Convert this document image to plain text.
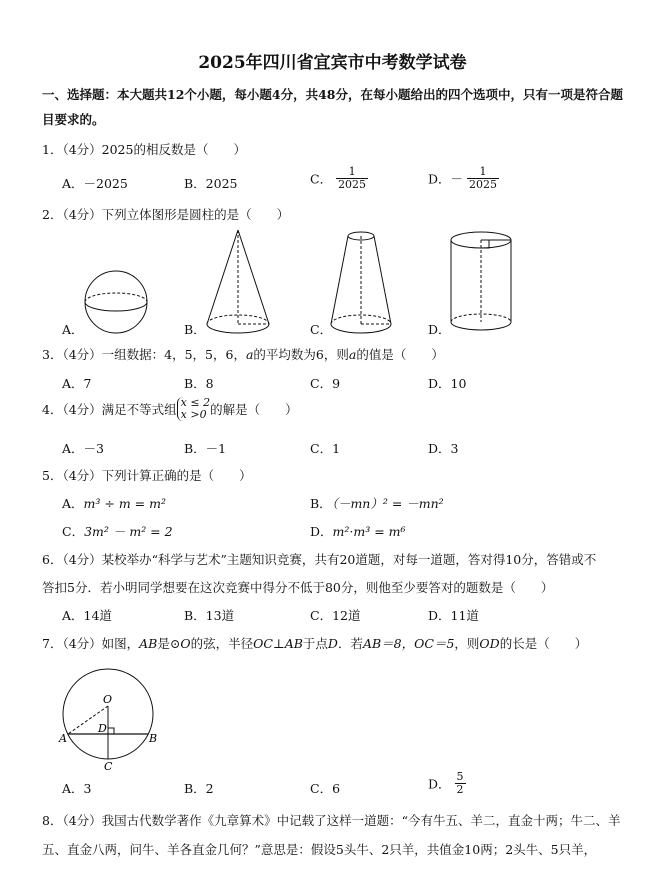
2025年四川省宜宾市中考数学试卷
一、选择题：本大题共12个小题，每小题4分，共48分，在每小题给出的四个选项中，只有一项是符合题目要求的。
1．（4分）2025的相反数是（　　）
A．－2025	B．2025	C． $\frac{1}{2025}$	D．－ $\frac{1}{2025}$
2．（4分）下列立体图形是圆柱的是（　　）
A．	B．	C．	D．
3．（4分）一组数据：4，5，5，6，a的平均数为6，则a的值是（　　）
A．7	B．8	C．9	D．10
4．（4分）满足不等式组 x ≤ 2
x >0 的解是（　　）
A．－3	B．－1	C．1	D．3
5．（4分）下列计算正确的是（　　）
A．m³ ÷ m = m²	B．（－mn）² = －mn²
C．3m² － m² = 2	D．m²·m³ = m⁶
6．（4分）某校举办“科学与艺术”主题知识竞赛，共有20道题，对每一道题，答对得10分，答错或不
答扣5分．若小明同学想要在这次竞赛中得分不低于80分，则他至少要答对的题数是（　　）
A．14道	B．13道	C．12道	D．11道
7．（4分）如图，AB是⊙O的弦，半径OC⊥AB于点D．若AB＝8，OC＝5，则OD的长是（　　）
O
A	B
C
D
A．3	B．2	C．6	D． $\frac{5}{2}$
8．（4分）我国古代数学著作《九章算术》中记载了这样一道题：“今有牛五、羊二，直金十两；牛二、羊
五、直金八两，问牛、羊各直金几何？”意思是：假设5头牛、2只羊，共值金10两；2头牛、5只羊，
